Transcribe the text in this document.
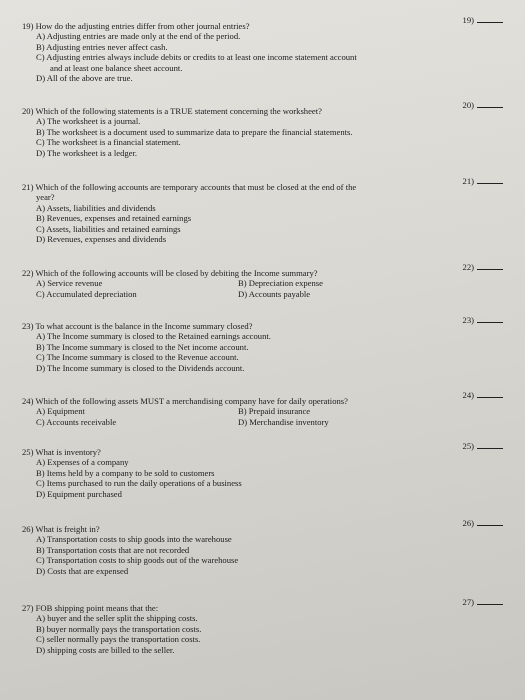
19)
19) How do the adjusting entries differ from other journal entries?
A) Adjusting entries are made only at the end of the period.
B) Adjusting entries never affect cash.
C) Adjusting entries always include debits or credits to at least one income statement account
and at least one balance sheet account.
D) All of the above are true.
20)
20) Which of the following statements is a TRUE statement concerning the worksheet?
A) The worksheet is a journal.
B) The worksheet is a document used to summarize data to prepare the financial statements.
C) The worksheet is a financial statement.
D) The worksheet is a ledger.
21)
21) Which of the following accounts are temporary accounts that must be closed at the end of the
year?
A) Assets, liabilities and dividends
B) Revenues, expenses and retained earnings
C) Assets, liabilities and retained earnings
D) Revenues, expenses and dividends
22)
22) Which of the following accounts will be closed by debiting the Income summary?
A) Service revenue	B) Depreciation expense
C) Accumulated depreciation	D) Accounts payable
23)
23) To what account is the balance in the Income summary closed?
A) The Income summary is closed to the Retained earnings account.
B) The Income summary is closed to the Net income account.
C) The Income summary is closed to the Revenue account.
D) The Income summary is closed to the Dividends account.
24)
24) Which of the following assets MUST a merchandising company have for daily operations?
A) Equipment	B) Prepaid insurance
C) Accounts receivable	D) Merchandise inventory
25)
25) What is inventory?
A) Expenses of a company
B) Items held by a company to be sold to customers
C) Items purchased to run the daily operations of a business
D) Equipment purchased
26)
26) What is freight in?
A) Transportation costs to ship goods into the warehouse
B) Transportation costs that are not recorded
C) Transportation costs to ship goods out of the warehouse
D) Costs that are expensed
27)
27) FOB shipping point means that the:
A) buyer and the seller split the shipping costs.
B) buyer normally pays the transportation costs.
C) seller normally pays the transportation costs.
D) shipping costs are billed to the seller.
